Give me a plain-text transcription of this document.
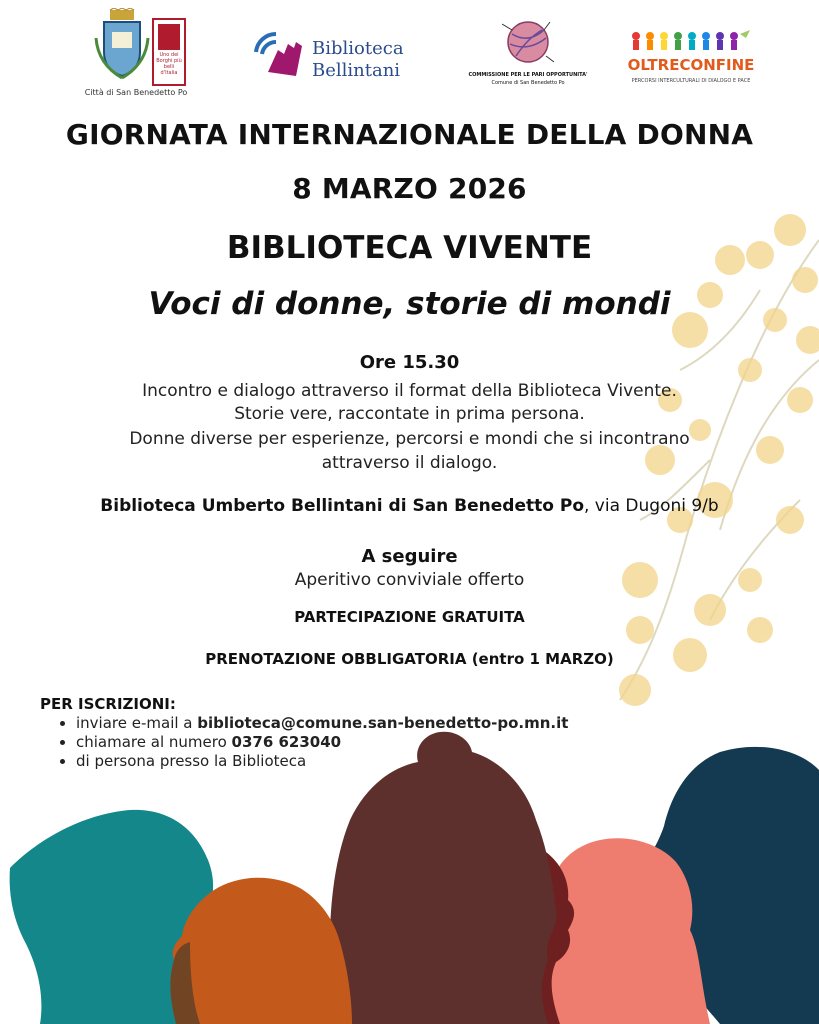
Uno dei Borghi più belli d'Italia
Città di San Benedetto Po
Biblioteca
Bellintani	COMMISSIONE PER LE PARI OPPORTUNITA'
Comune di San Benedetto Po
OLTRECONFINE
PERCORSI INTERCULTURALI DI DIALOGO E PACE
GIORNATA INTERNAZIONALE DELLA DONNA
8 MARZO 2026
BIBLIOTECA VIVENTE
Voci di donne, storie di mondi
Ore 15.30
Incontro e dialogo attraverso il format della Biblioteca Vivente.
Storie vere, raccontate in prima persona.
Donne diverse per esperienze, percorsi e mondi che si incontrano
attraverso il dialogo.
Biblioteca Umberto Bellintani di San Benedetto Po, via Dugoni 9/b
A seguire
Aperitivo conviviale offerto
PARTECIPAZIONE GRATUITA
PRENOTAZIONE OBBLIGATORIA (entro 1 MARZO)
PER ISCRIZIONI:
• inviare e-mail a biblioteca@comune.san-benedetto-po.mn.it
• chiamare al numero 0376 623040
• di persona presso la Biblioteca
